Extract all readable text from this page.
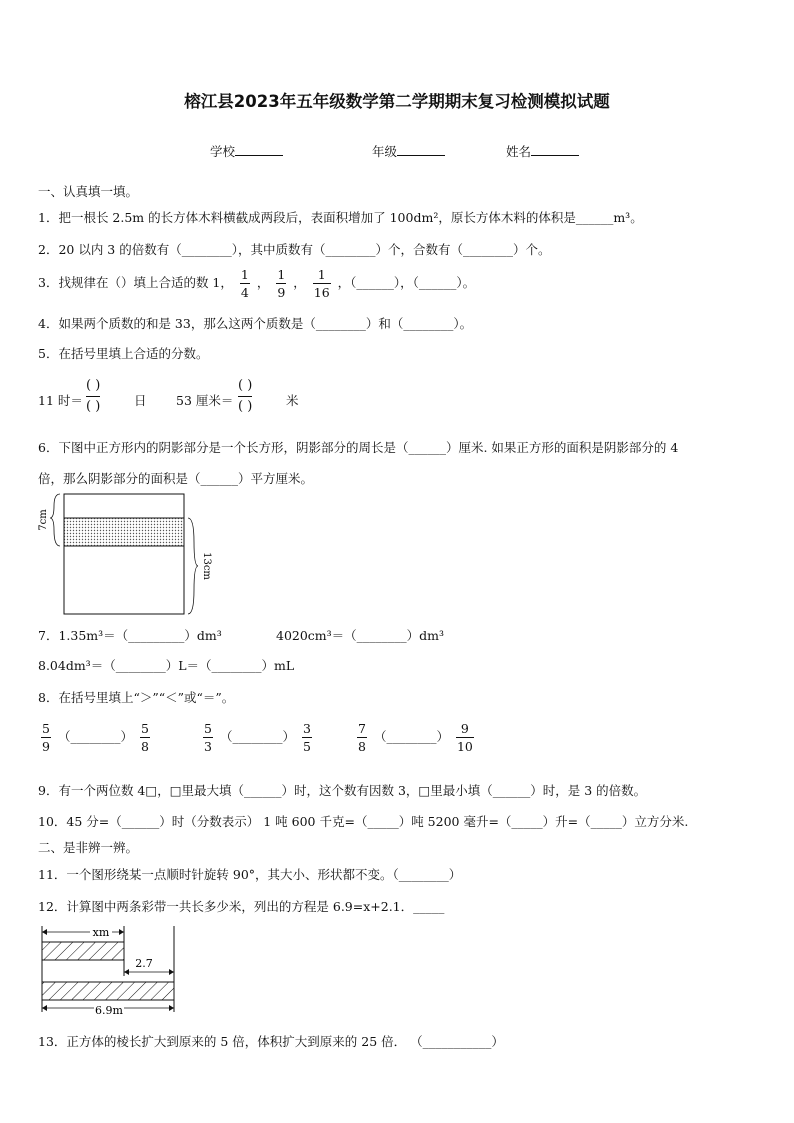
榕江县2023年五年级数学第二学期期末复习检测模拟试题
学校	年级	姓名
一、认真填一填。
1．把一根长 2.5m 的长方体木料横截成两段后，表面积增加了 100dm²，原长方体木料的体积是______m³。
2．20 以内 3 的倍数有（________），其中质数有（________）个，合数有（________）个。
3．找规律在（）填上合适的数 1， $\frac{1}{4}$ ， $\frac{1}{9}$ ， $\frac{1}{16}$ ，（______），（______）。
4．如果两个质数的和是 33，那么这两个质数是（________）和（________）。
5．在括号里填上合适的分数。
11 时＝
( )
( )	日 53 厘米＝
( )
( )	米
6．下图中正方形内的阴影部分是一个长方形，阴影部分的周长是（______）厘米. 如果正方形的面积是阴影部分的 4
倍，那么阴影部分的面积是（______）平方厘米。
7cm
13cm
7．1.35m³＝（_________）dm³	4020cm³＝（________）dm³
8.04dm³＝（________）L＝（________）mL
8．在括号里填上“＞”“＜”或“＝”。
$\frac{5}{9}$ （________） $\frac{5}{8}$	$\frac{5}{3}$ （________） $\frac{3}{5}$	$\frac{7}{8}$ （________） $\frac{9}{10}$
9．有一个两位数 4□，□里最大填（______）时，这个数有因数 3，□里最小填（______）时，是 3 的倍数。
10．45 分=（______）时（分数表示） 1 吨 600 千克=（_____）吨 5200 毫升=（_____）升=（_____）立方分米.
二、是非辨一辨。
11．一个图形绕某一点顺时针旋转 90°，其大小、形状都不变。（________）
12．计算图中两条彩带一共长多少米，列出的方程是 6.9=x+2.1．_____
xm
2.7
6.9m
13．正方体的棱长扩大到原来的 5 倍，体积扩大到原来的 25 倍． （___________）
